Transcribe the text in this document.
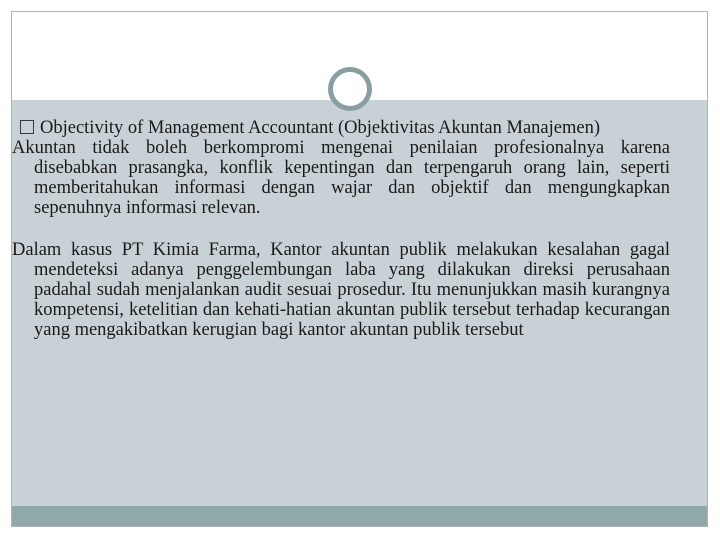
Objectivity of Management Accountant (Objektivitas Akuntan Manajemen)

Akuntan tidak boleh berkompromi mengenai penilaian profesionalnya karena disebabkan prasangka, konflik kepentingan dan terpengaruh orang lain, seperti memberitahukan informasi dengan wajar dan objektif dan mengungkapkan sepenuhnya informasi relevan.

Dalam kasus PT Kimia Farma, Kantor akuntan publik melakukan kesalahan gagal mendeteksi adanya penggelembungan laba yang dilakukan direksi perusahaan padahal sudah menjalankan audit sesuai prosedur. Itu menunjukkan masih kurangnya kompetensi, ketelitian dan kehati-hatian akuntan publik tersebut terhadap kecurangan yang mengakibatkan kerugian bagi kantor akuntan publik tersebut
